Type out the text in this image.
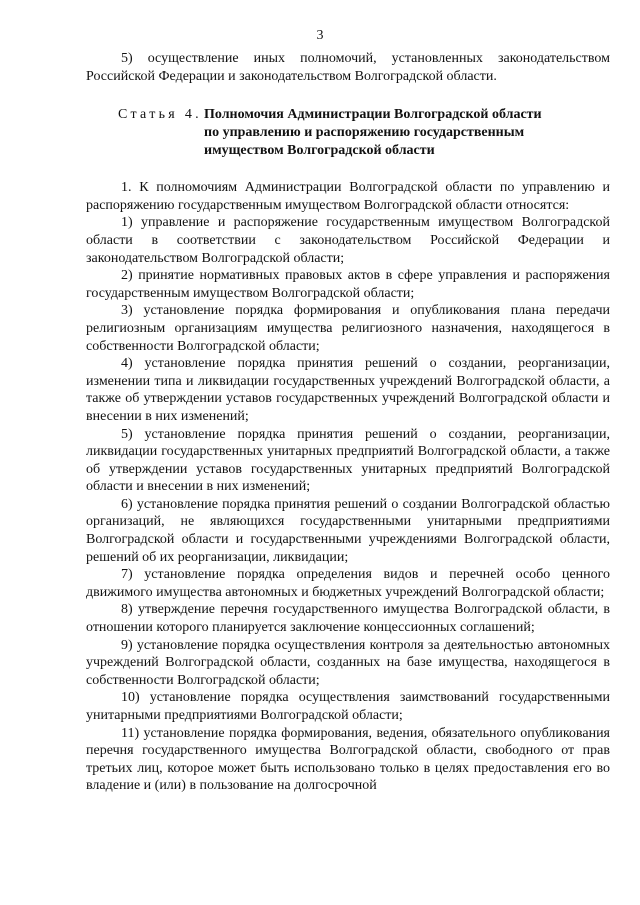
3

5) осуществление иных полномочий, установленных законодательством Российской Федерации и законодательством Волгоградской области.

Статья 4. Полномочия Администрации Волгоградской области
по управлению и распоряжению государственным
имуществом Волгоградской области

1. К полномочиям Администрации Волгоградской области по управлению и распоряжению государственным имуществом Волгоградской области относятся:

1) управление и распоряжение государственным имуществом Волгоградской области в соответствии с законодательством Российской Федерации и законодательством Волгоградской области;

2) принятие нормативных правовых актов в сфере управления и распоряжения государственным имуществом Волгоградской области;

3) установление порядка формирования и опубликования плана передачи религиозным организациям имущества религиозного назначения, находящегося в собственности Волгоградской области;

4) установление порядка принятия решений о создании, реорганизации, изменении типа и ликвидации государственных учреждений Волгоградской области, а также об утверждении уставов государственных учреждений Волгоградской области и внесении в них изменений;

5) установление порядка принятия решений о создании, реорганизации, ликвидации государственных унитарных предприятий Волгоградской области, а также об утверждении уставов государственных унитарных предприятий Волгоградской области и внесении в них изменений;

6) установление порядка принятия решений о создании Волгоградской областью организаций, не являющихся государственными унитарными предприятиями Волгоградской области и государственными учреждениями Волгоградской области, решений об их реорганизации, ликвидации;

7) установление порядка определения видов и перечней особо ценного движимого имущества автономных и бюджетных учреждений Волгоградской области;

8) утверждение перечня государственного имущества Волгоградской области, в отношении которого планируется заключение концессионных соглашений;

9) установление порядка осуществления контроля за деятельностью автономных учреждений Волгоградской области, созданных на базе имущества, находящегося в собственности Волгоградской области;

10) установление порядка осуществления заимствований государственными унитарными предприятиями Волгоградской области;

11) установление порядка формирования, ведения, обязательного опубликования перечня государственного имущества Волгоградской области, свободного от прав третьих лиц, которое может быть использовано только в целях предоставления его во владение и (или) в пользование на долгосрочной
